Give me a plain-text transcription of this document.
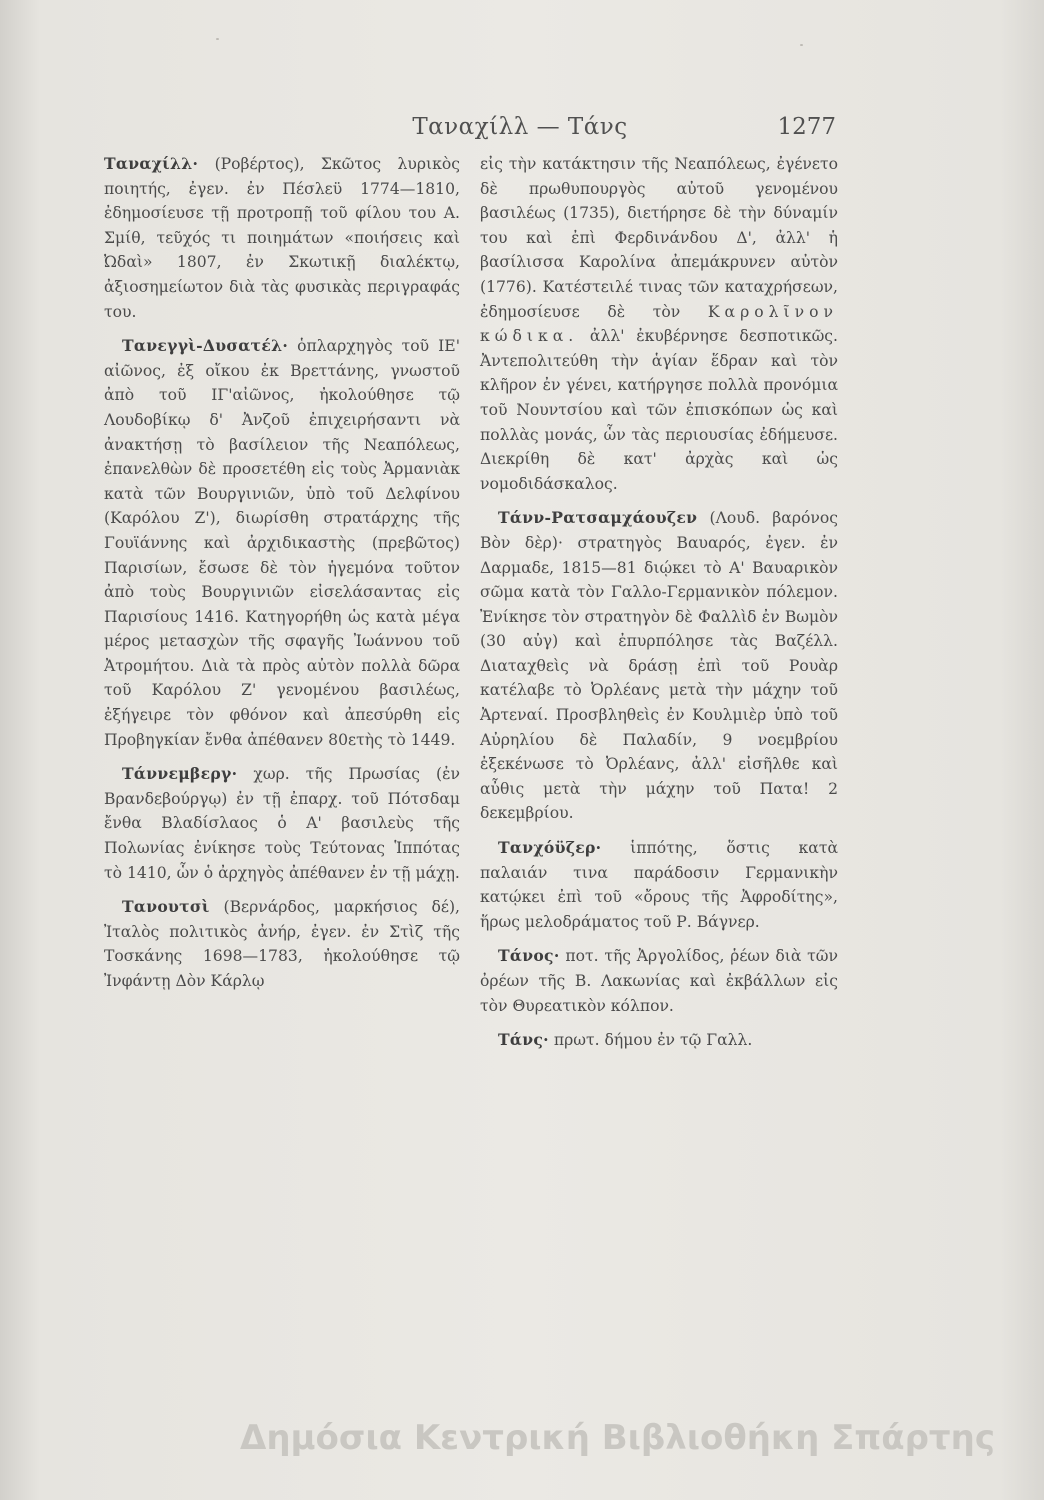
Ταναχίλλ — Τάνς	1277

Ταναχίλλ· (Ροβέρτος), Σκῶτος λυρικὸς ποιητής, ἐγεν. ἐν Πέσλεϋ 1774—1810, ἐδημοσίευσε τῇ προτροπῇ τοῦ φίλου του Α. Σμίθ, τεῦχός τι ποιημάτων «ποιήσεις καὶ Ὠδαὶ» 1807, ἐν Σκωτικῇ διαλέκτῳ, ἀξιοσημείωτον διὰ τὰς φυσικὰς περιγραφάς του.

Τανεγγὶ-Δυσατέλ· ὁπλαρχηγὸς τοῦ ΙΕ' αἰῶνος, ἐξ οἴκου ἐκ Βρεττάνης, γνωστοῦ ἀπὸ τοῦ ΙΓ'αἰῶνος, ἠκολούθησε τῷ Λουδοβίκῳ δ' Ἀνζοῦ ἐπιχειρήσαντι νὰ ἀνακτήσῃ τὸ βασίλειον τῆς Νεαπόλεως, ἐπανελθὼν δὲ προσετέθη εἰς τοὺς Ἀρμανιὰκ κατὰ τῶν Βουργινιῶν, ὑπὸ τοῦ Δελφίνου (Καρόλου Ζ'), διωρίσθη στρατάρχης τῆς Γουϊάννης καὶ ἀρχιδικαστὴς (πρεβῶτος) Παρισίων, ἔσωσε δὲ τὸν ἡγεμόνα τοῦτον ἀπὸ τοὺς Βουργινιῶν εἰσελάσαντας εἰς Παρισίους 1416. Κατηγορήθη ὡς κατὰ μέγα μέρος μετασχὼν τῆς σφαγῆς Ἰωάννου τοῦ Ἀτρομήτου. Διὰ τὰ πρὸς αὐτὸν πολλὰ δῶρα τοῦ Καρόλου Ζ' γενομένου βασιλέως, ἐξήγειρε τὸν φθόνον καὶ ἀπεσύρθη εἰς Προβηγκίαν ἔνθα ἀπέθανεν 80ετὴς τὸ 1449.

Τάννεμβεργ· χωρ. τῆς Πρωσίας (ἐν Βρανδεβούργῳ) ἐν τῇ ἐπαρχ. τοῦ Πότσδαμ ἔνθα Βλαδίσλαος ὁ Α' βασιλεὺς τῆς Πολωνίας ἐνίκησε τοὺς Τεύτονας Ἱππότας τὸ 1410, ὧν ὁ ἀρχηγὸς ἀπέθανεν ἐν τῇ μάχῃ.

Τανουτσὶ (Βερνάρδος, μαρκήσιος δέ), Ἰταλὸς πολιτικὸς ἀνήρ, ἐγεν. ἐν Στὶζ τῆς Τοσκάνης 1698—1783, ἠκολούθησε τῷ Ἰνφάντῃ Δὸν Κάρλῳ

εἰς τὴν κατάκτησιν τῆς Νεαπόλεως, ἐγένετο δὲ πρωθυπουργὸς αὐτοῦ γενομένου βασιλέως (1735), διετήρησε δὲ τὴν δύναμίν του καὶ ἐπὶ Φερδινάνδου Δ', ἀλλ' ἡ βασίλισσα Καρολίνα ἀπεμάκρυνεν αὐτὸν (1776). Κατέστειλέ τινας τῶν καταχρήσεων, ἐδημοσίευσε δὲ τὸν Καρολῖνον κώδικα. ἀλλ' ἐκυβέρνησε δεσποτικῶς. Ἀντεπολιτεύθη τὴν ἁγίαν ἕδραν καὶ τὸν κλῆρον ἐν γένει, κατήργησε πολλὰ προνόμια τοῦ Νουντσίου καὶ τῶν ἐπισκόπων ὡς καὶ πολλὰς μονάς, ὧν τὰς περιουσίας ἐδήμευσε. Διεκρίθη δὲ κατ' ἀρχὰς καὶ ὡς νομοδιδάσκαλος.

Τάνν-Ρατσαμχάουζεν (Λουδ. βαρόνος Βὸν δὲρ)· στρατηγὸς Βαυαρός, ἐγεν. ἐν Δαρμαδε, 1815—81 διῴκει τὸ Α' Βαυαρικὸν σῶμα κατὰ τὸν Γαλλο-Γερμανικὸν πόλεμον. Ἐνίκησε τὸν στρατηγὸν δὲ Φαλλὶδ ἐν Βωμὸν (30 αὐγ) καὶ ἐπυρπόλησε τὰς Βαζέλλ. Διαταχθεὶς νὰ δράσῃ ἐπὶ τοῦ Ρουὰρ κατέλαβε τὸ Ὀρλέανς μετὰ τὴν μάχην τοῦ Ἀρτεναί. Προσβληθεὶς ἐν Κουλμιὲρ ὑπὸ τοῦ Αὐρηλίου δὲ Παλαδίν, 9 νοεμβρίου ἐξεκένωσε τὸ Ὀρλέανς, ἀλλ' εἰσῆλθε καὶ αὖθις μετὰ τὴν μάχην τοῦ Πατα! 2 δεκεμβρίου.

Τανχόϋζερ· ἱππότης, ὅστις κατὰ παλαιάν τινα παράδοσιν Γερμανικὴν κατῴκει ἐπὶ τοῦ «ὄρους τῆς Ἀφροδίτης», ἥρως μελοδράματος τοῦ Ρ. Βάγνερ.

Τάνος· ποτ. τῆς Ἀργολίδος, ῥέων διὰ τῶν ὀρέων τῆς Β. Λακωνίας καὶ ἐκβάλλων εἰς τὸν Θυρεατικὸν κόλπον.

Τάνς· πρωτ. δήμου ἐν τῷ Γαλλ.

Δημόσια Κεντρική Βιβλιοθήκη Σπάρτης
